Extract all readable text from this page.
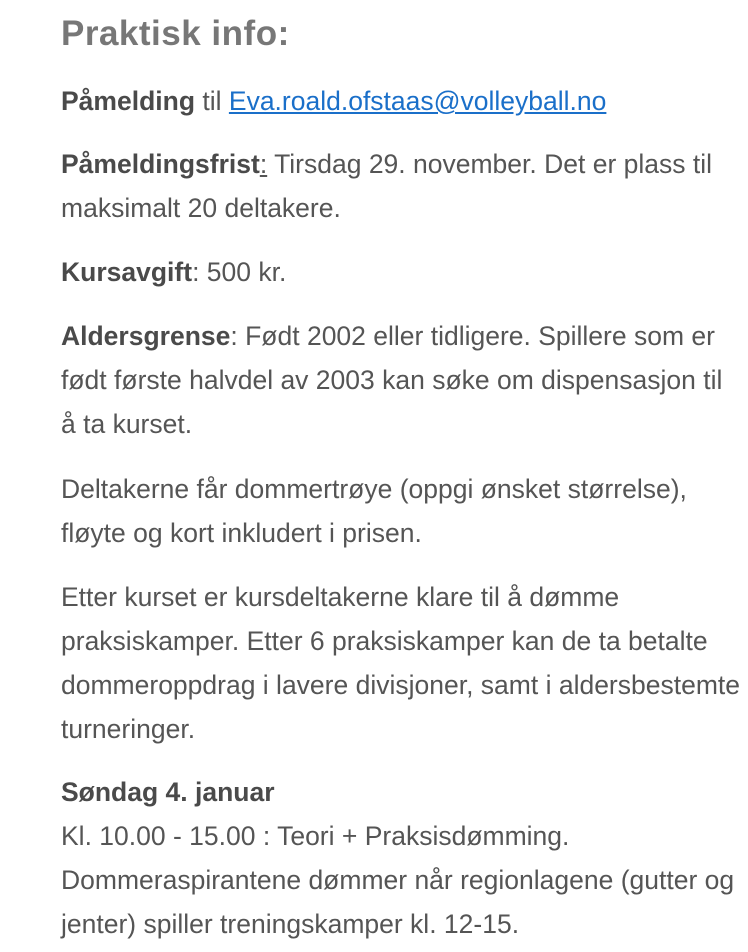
Praktisk info:

Påmelding til Eva.roald.ofstaas@volleyball.no

Påmeldingsfrist: Tirsdag 29. november. Det er plass til maksimalt 20 deltakere.

Kursavgift: 500 kr.

Aldersgrense: Født 2002 eller tidligere. Spillere som er født første halvdel av 2003 kan søke om dispensasjon til å ta kurset.

Deltakerne får dommertrøye (oppgi ønsket størrelse), fløyte og kort inkludert i prisen.

Etter kurset er kursdeltakerne klare til å dømme praksiskamper. Etter 6 praksiskamper kan de ta betalte dommeroppdrag i lavere divisjoner, samt i aldersbestemte turneringer.

Søndag 4. januar
Kl. 10.00 - 15.00 : Teori + Praksisdømming.
Dommeraspirantene dømmer når regionlagene (gutter og jenter) spiller treningskamper kl. 12-15.
